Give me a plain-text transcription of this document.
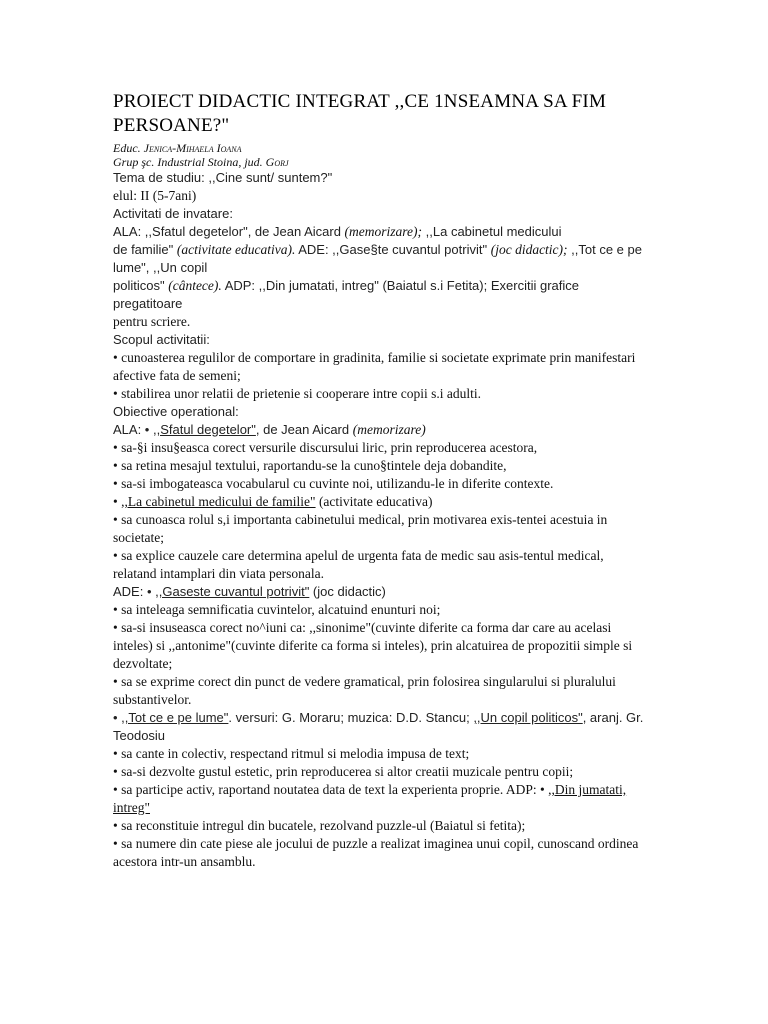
PROIECT DIDACTIC INTEGRAT ,,CE 1NSEAMNA SA FIM
PERSOANE?"
Educ. Jenica-Mihaela Ioana
Grup şc. Industrial Stoina, jud. Gorj
Tema de studiu: ,,Cine sunt/ suntem?"
elul: II (5-7ani)
Activitati de invatare:
ALA: ,,Sfatul degetelor", de Jean Aicard (memorizare); ,,La cabinetul medicului
de familie" (activitate educativa). ADE: ,,Gase§te cuvantul potrivit" (joc didactic); ,,Tot ce e pe
lume", ,,Un copil
politicos" (cântece). ADP: ,,Din jumatati, intreg" (Baiatul s.i Fetita); Exercitii grafice
pregatitoare
pentru scriere.
Scopul activitatii:
• cunoasterea regulilor de comportare in gradinita, familie si societate exprimate prin manifestari
afective fata de semeni;
• stabilirea unor relatii de prietenie si cooperare intre copii s.i adulti.
Obiective operational:
ALA: • ,,Sfatul degetelor", de Jean Aicard (memorizare)
• sa-§i insu§easca corect versurile discursului liric, prin reproducerea acestora,
• sa retina mesajul textului, raportandu-se la cuno§tintele deja dobandite,
• sa-si imbogateasca vocabularul cu cuvinte noi, utilizandu-le in diferite contexte.
• ,,La cabinetul medicului de familie" (activitate educativa)
• sa cunoasca rolul s,i importanta cabinetului medical, prin motivarea exis-tentei acestuia in
societate;
• sa explice cauzele care determina apelul de urgenta fata de medic sau asis-tentul medical,
relatand intamplari din viata personala.
ADE: • ,,Gaseste cuvantul potrivit" (joc didactic)
• sa inteleaga semnificatia cuvintelor, alcatuind enunturi noi;
• sa-si insuseasca corect no^iuni ca: ,,sinonime"(cuvinte diferite ca forma dar care au acelasi
inteles) si ,,antonime"(cuvinte diferite ca forma si inteles), prin alcatuirea de propozitii simple si
dezvoltate;
• sa se exprime corect din punct de vedere gramatical, prin folosirea singularului si pluralului
substantivelor.
• ,,Tot ce e pe lume". versuri: G. Moraru; muzica: D.D. Stancu; ,,Un copil politicos", aranj. Gr.
Teodosiu
• sa cante in colectiv, respectand ritmul si melodia impusa de text;
• sa-si dezvolte gustul estetic, prin reproducerea si altor creatii muzicale pentru copii;
• sa participe activ, raportand noutatea data de text la experienta proprie. ADP: • ,,Din jumatati,
intreg"
• sa reconstituie intregul din bucatele, rezolvand puzzle-ul (Baiatul si fetita);
• sa numere din cate piese ale jocului de puzzle a realizat imaginea unui copil, cunoscand ordinea
acestora intr-un ansamblu.
